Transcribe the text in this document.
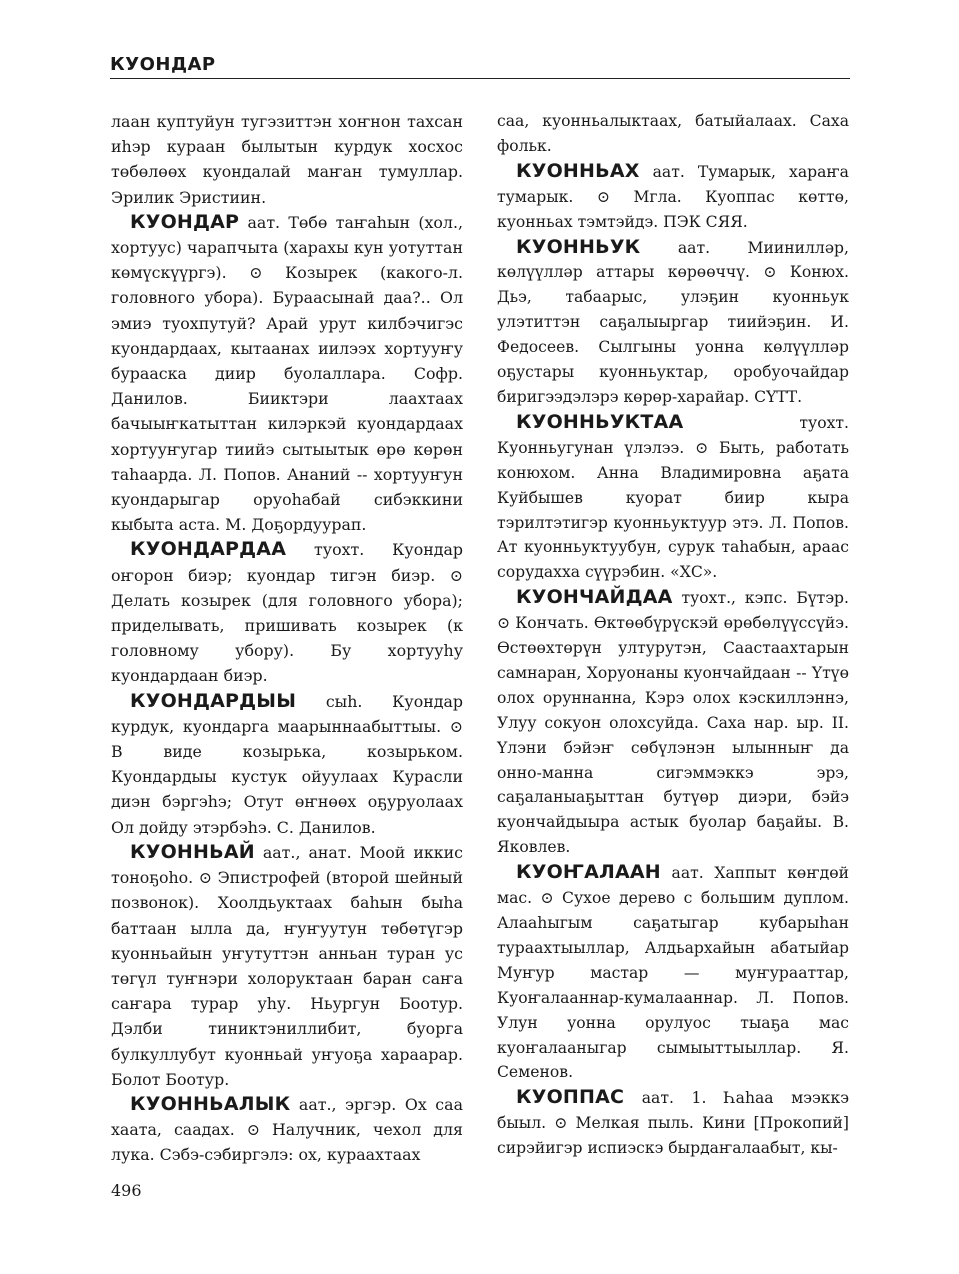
КУОНДАР

лаан куптуйун тугэзиттэн хоҥнон тахсан иһэр кураан былытын курдук хосхос төбөлөөх куондалай маҥан тумуллар. Эрилик Эристиин.

КУОНДАР аат. Төбө таҥаһын (хол., хортууc) чарапчыта (харахы кун уотуттан көмүскүүргэ). ⊙ Козырек (какого-л. головного убора). Бураасынай даа?.. Ол эмиэ туохпутуй? Арай урут килбэчигэс куондардаах, кытаанах иилээх хортууҥу бурааска диир буолаллара. Софр. Данилов. Бииктэри лаахтаах бачыыҥкатыттан килэркэй куондардаах хортууҥугар тиийэ сытыытык өрө көрөн таһаарда. Л. Попов. Ананий -- хортууҥун куондарыгар оруоһабай сибэккини кыбыта аста. М. Доҕордуурап.

КУОНДАРДАА туохт. Куондар оҥорон биэр; куондар тигэн биэр. ⊙ Делать козырек (для головного убора); приделывать, пришивать козырек (к головному убору). Бу хортууһу куондардаан биэр.

КУОНДАРДЫЫ сыһ. Куондар курдук, куондарга маарыннаабыттыы. ⊙ В виде козырька, козырьком. Куондардыы кустук ойуулаах Курасли диэн бэргэһэ; Отут өҥнөөх оҕуруолаах Ол дойду этэрбэһэ. С. Данилов.

КУОННЬАЙ аат., анат. Моой иккис тоноҕоһо. ⊙ Эпистрофей (второй шейный позвонок). Хоолдьуктаах баһын быһа баттаан ылла да, ҥуҥуутун төбөтүгэр куонньайын уҥутуттэн анньан туран ус төгүл туҥнэри холоруктаан баран саҥа саҥара турар уһу. Ньургун Боотур. Дэлби тиниктэниллибит, буорга булкуллубут куонньай уҥуоҕа хараарар. Болот Боотур.

КУОННЬАЛЫК аат., эргэр. Ох саа хаата, саадах. ⊙ Налучник, чехол для лука. Сэбэ-сэбиргэлэ: ох, кураахтаах

саа, куонньалыктаах, батыйалаах. Саха фольк.

КУОННЬАХ аат. Тумарык, хараҥа тумарык. ⊙ Мгла. Куоппас көттө, куонньах тэмтэйдэ. ПЭК СЯЯ.

КУОННЬУК аат. Миинилләр, көлүүлләр аттары көрөөччү. ⊙ Конюх. Дьэ, табаарыс, улэҕин куонньук улэтиттэн саҕалыыргар тиийэҕин. И. Федосеев. Сылгыны уонна көлүүлләр оҕустары куонньуктар, оробуочайдар биригээдэлэрэ көрөр-харайар. СҮТТ.

КУОННЬУКТАА	туохт. Куонньугунан үлэлээ. ⊙ Быть, работать конюхом. Анна Владимировна аҕата Куйбышев куорат биир кыра тэрилтэтигэр куонньуктуур этэ. Л. Попов. Ат куонньуктуубун, сурук таһабын, араас сорудахха сүүрэбин. «ХС».

КУОНЧАЙДАА туохт., кэпс. Бүтэр. ⊙ Кончать. Өктөөбүрүскэй өрөбөлүүссүйэ. Өстөөхтөрүн ултурутэн, Саастаахтарын самнаран, Хоруонаны куончайдаан -- Үтүө олох оруннанна, Кэрэ олох кэскиллэннэ, Улуу сокуон олохсуйда. Саха нар. ыр. II. Үлэни бэйэҥ сөбүлэнэн ылынныҥ да онно-манна сигэммэккэ эрэ, саҕаланыаҕыттан бутүөр диэри, бэйэ куончайдыыра астык буолар баҕайы. В. Яковлев.

КУОҤАЛААН аат. Хаппыт көҥдөй мас. ⊙ Сухое дерево с большим дуплом. Алааһыгым саҕатыгар кубарыһан тураахтыыллар, Алдьархайын абатыйар Муҥур мастар — муҥурааттар, Куоҥалааннар-кумалааннар. Л. Попов. Улун уонна орулуос тыаҕа мас куоҥалааныгар сымыыттыыллар. Я. Семенов.

КУОППАС аат. 1. Һаһаа мээккэ быыл. ⊙ Мелкая пыль. Кини [Прокопий] сирэйигэр испиэскэ бырдаҥалаабыт, кы-

496
